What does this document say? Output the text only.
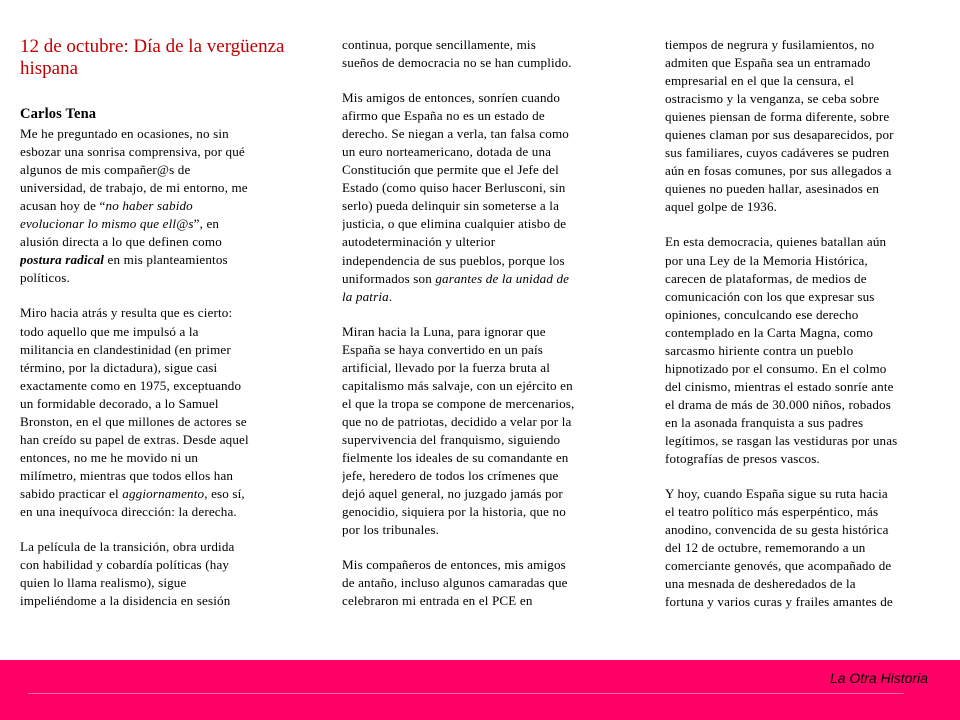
12 de octubre: Día de la vergüenza
hispana
Carlos Tena
Me he preguntado en ocasiones, no sin
esbozar una sonrisa comprensiva, por qué
algunos de mis compañer@s de
universidad, de trabajo, de mi entorno, me
acusan hoy de “no haber sabido
evolucionar lo mismo que ell@s”, en
alusión directa a lo que definen como
postura radical en mis planteamientos
políticos.
Miro hacia atrás y resulta que es cierto:
todo aquello que me impulsó a la
militancia en clandestinidad (en primer
término, por la dictadura), sigue casi
exactamente como en 1975, exceptuando
un formidable decorado, a lo Samuel
Bronston, en el que millones de actores se
han creído su papel de extras. Desde aquel
entonces, no me he movido ni un
milímetro, mientras que todos ellos han
sabido practicar el aggiornamento, eso sí,
en una inequívoca dirección: la derecha.
La película de la transición, obra urdida
con habilidad y cobardía políticas (hay
quien lo llama realismo), sigue
impeliéndome a la disidencia en sesión
continua, porque sencillamente, mis
sueños de democracia no se han cumplido.
Mis amigos de entonces, sonríen cuando
afirmo que España no es un estado de
derecho. Se niegan a verla, tan falsa como
un euro norteamericano, dotada de una
Constitución que permite que el Jefe del
Estado (como quiso hacer Berlusconi, sin
serlo) pueda delinquir sin someterse a la
justicia, o que elimina cualquier atisbo de
autodeterminación y ulterior
independencia de sus pueblos, porque los
uniformados son garantes de la unidad de
la patria.
Miran hacia la Luna, para ignorar que
España se haya convertido en un país
artificial, llevado por la fuerza bruta al
capitalismo más salvaje, con un ejército en
el que la tropa se compone de mercenarios,
que no de patriotas, decidido a velar por la
supervivencia del franquismo, siguiendo
fielmente los ideales de su comandante en
jefe, heredero de todos los crímenes que
dejó aquel general, no juzgado jamás por
genocidio, siquiera por la historia, que no
por los tribunales.
Mis compañeros de entonces, mis amigos
de antaño, incluso algunos camaradas que
celebraron mi entrada en el PCE en
tiempos de negrura y fusilamientos, no
admiten que España sea un entramado
empresarial en el que la censura, el
ostracismo y la venganza, se ceba sobre
quienes piensan de forma diferente, sobre
quienes claman por sus desaparecidos, por
sus familiares, cuyos cadáveres se pudren
aún en fosas comunes, por sus allegados a
quienes no pueden hallar, asesinados en
aquel golpe de 1936.
En esta democracia, quienes batallan aún
por una Ley de la Memoria Histórica,
carecen de plataformas, de medios de
comunicación con los que expresar sus
opiniones, conculcando ese derecho
contemplado en la Carta Magna, como
sarcasmo hiriente contra un pueblo
hipnotizado por el consumo. En el colmo
del cinismo, mientras el estado sonríe ante
el drama de más de 30.000 niños, robados
en la asonada franquista a sus padres
legítimos, se rasgan las vestiduras por unas
fotografías de presos vascos.
Y hoy, cuando España sigue su ruta hacia
el teatro político más esperpéntico, más
anodino, convencida de su gesta histórica
del 12 de octubre, rememorando a un
comerciante genovés, que acompañado de
una mesnada de desheredados de la
fortuna y varios curas y frailes amantes de
La Otra Historia
